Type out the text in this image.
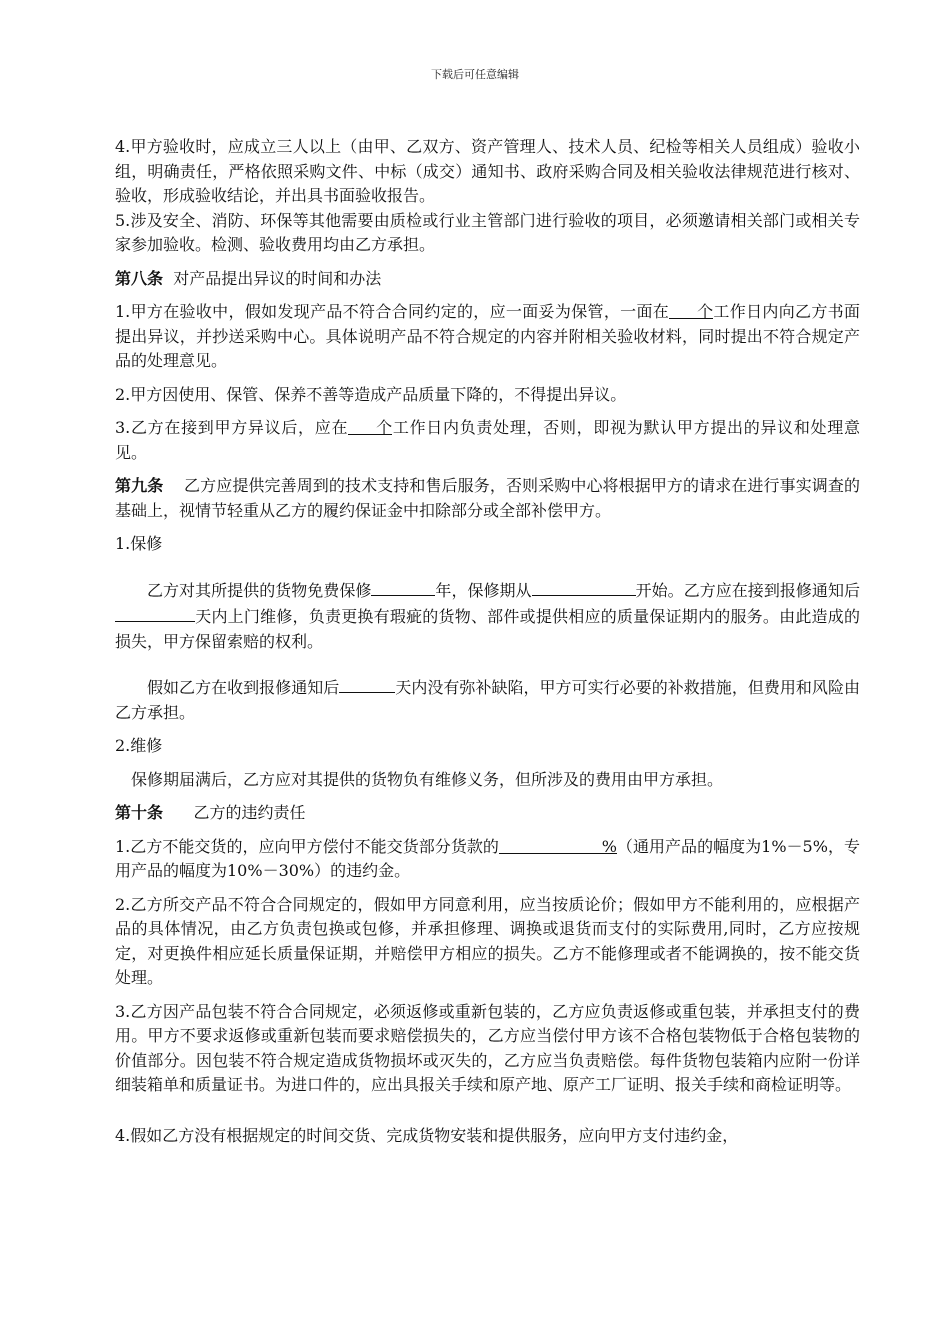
下载后可任意编辑

4.甲方验收时，应成立三人以上（由甲、乙双方、资产管理人、技术人员、纪检等相关人员组成）验收小组，明确责任，严格依照采购文件、中标（成交）通知书、政府采购合同及相关验收法律规范进行核对、验收，形成验收结论，并出具书面验收报告。

5.涉及安全、消防、环保等其他需要由质检或行业主管部门进行验收的项目，必须邀请相关部门或相关专家参加验收。检测、验收费用均由乙方承担。

第八条 对产品提出异议的时间和办法

1.甲方在验收中，假如发现产品不符合合同约定的，应一面妥为保管，一面在 个工作日内向乙方书面提出异议，并抄送采购中心。具体说明产品不符合规定的内容并附相关验收材料，同时提出不符合规定产品的处理意见。

2.甲方因使用、保管、保养不善等造成产品质量下降的，不得提出异议。

3.乙方在接到甲方异议后，应在 个工作日内负责处理，否则，即视为默认甲方提出的异议和处理意见。

第九条 乙方应提供完善周到的技术支持和售后服务，否则采购中心将根据甲方的请求在进行事实调查的基础上，视情节轻重从乙方的履约保证金中扣除部分或全部补偿甲方。

1.保修

乙方对其所提供的货物免费保修	年，保修期从	开始。乙方应在接到报修通知后天内上门维修，负责更换有瑕疵的货物、部件或提供相应的质量保证期内的服务。由此造成的损失，甲方保留索赔的权利。

假如乙方在收到报修通知后	天内没有弥补缺陷，甲方可实行必要的补救措施，但费用和风险由乙方承担。

2.维修

保修期届满后，乙方应对其提供的货物负有维修义务，但所涉及的费用由甲方承担。

第十条 乙方的违约责任

1.乙方不能交货的，应向甲方偿付不能交货部分货款的	%（通用产品的幅度为1%－5%，专用产品的幅度为10%－30%）的违约金。

2.乙方所交产品不符合合同规定的，假如甲方同意利用，应当按质论价；假如甲方不能利用的，应根据产品的具体情况，由乙方负责包换或包修，并承担修理、调换或退货而支付的实际费用,同时，乙方应按规定，对更换件相应延长质量保证期，并赔偿甲方相应的损失。乙方不能修理或者不能调换的，按不能交货处理。

3.乙方因产品包装不符合合同规定，必须返修或重新包装的，乙方应负责返修或重包装，并承担支付的费用。甲方不要求返修或重新包装而要求赔偿损失的，乙方应当偿付甲方该不合格包装物低于合格包装物的价值部分。因包装不符合规定造成货物损坏或灭失的，乙方应当负责赔偿。每件货物包装箱内应附一份详细装箱单和质量证书。为进口件的，应出具报关手续和原产地、原产工厂证明、报关手续和商检证明等。

4.假如乙方没有根据规定的时间交货、完成货物安装和提供服务，应向甲方支付违约金，
